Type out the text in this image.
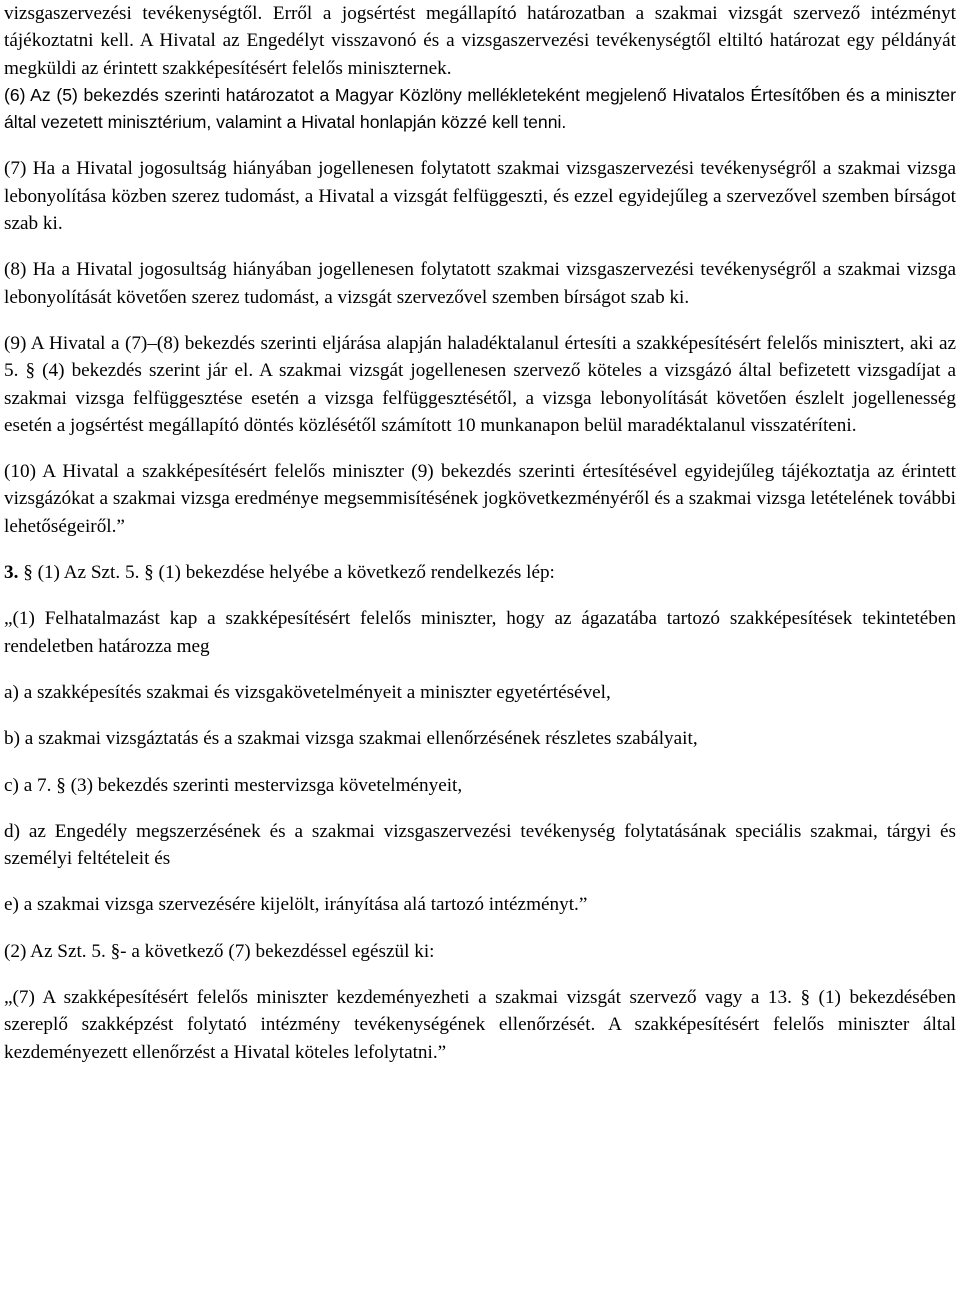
vizsgaszervezési tevékenységtől. Erről a jogsértést megállapító határozatban a szakmai vizsgát szervező intézményt tájékoztatni kell. A Hivatal az Engedélyt visszavonó és a vizsgaszervezési tevékenységtől eltiltó határozat egy példányát megküldi az érintett szakképesítésért felelős miniszternek.

(6) Az (5) bekezdés szerinti határozatot a Magyar Közlöny mellékleteként megjelenő Hivatalos Értesítőben és a miniszter által vezetett minisztérium, valamint a Hivatal honlapján közzé kell tenni.

(7) Ha a Hivatal jogosultság hiányában jogellenesen folytatott szakmai vizsgaszervezési tevékenységről a szakmai vizsga lebonyolítása közben szerez tudomást, a Hivatal a vizsgát felfüggeszti, és ezzel egyidejűleg a szervezővel szemben bírságot szab ki.

(8) Ha a Hivatal jogosultság hiányában jogellenesen folytatott szakmai vizsgaszervezési tevékenységről a szakmai vizsga lebonyolítását követően szerez tudomást, a vizsgát szervezővel szemben bírságot szab ki.

(9) A Hivatal a (7)–(8) bekezdés szerinti eljárása alapján haladéktalanul értesíti a szakképesítésért felelős minisztert, aki az 5. § (4) bekezdés szerint jár el. A szakmai vizsgát jogellenesen szervező köteles a vizsgázó által befizetett vizsgadíjat a szakmai vizsga felfüggesztése esetén a vizsga felfüggesztésétől, a vizsga lebonyolítását követően észlelt jogellenesség esetén a jogsértést megállapító döntés közlésétől számított 10 munkanapon belül maradéktalanul visszatéríteni.

(10) A Hivatal a szakképesítésért felelős miniszter (9) bekezdés szerinti értesítésével egyidejűleg tájékoztatja az érintett vizsgázókat a szakmai vizsga eredménye megsemmisítésének jogkövetkezményéről és a szakmai vizsga letételének további lehetőségeiről.”

3. § (1) Az Szt. 5. § (1) bekezdése helyébe a következő rendelkezés lép:

„(1) Felhatalmazást kap a szakképesítésért felelős miniszter, hogy az ágazatába tartozó szakképesítések tekintetében rendeletben határozza meg

a) a szakképesítés szakmai és vizsgakövetelményeit a miniszter egyetértésével,

b) a szakmai vizsgáztatás és a szakmai vizsga szakmai ellenőrzésének részletes szabályait,

c) a 7. § (3) bekezdés szerinti mestervizsga követelményeit,

d) az Engedély megszerzésének és a szakmai vizsgaszervezési tevékenység folytatásának speciális szakmai, tárgyi és személyi feltételeit és

e) a szakmai vizsga szervezésére kijelölt, irányítása alá tartozó intézményt.”

(2) Az Szt. 5. §- a következő (7) bekezdéssel egészül ki:

„(7) A szakképesítésért felelős miniszter kezdeményezheti a szakmai vizsgát szervező vagy a 13. § (1) bekezdésében szereplő szakképzést folytató intézmény tevékenységének ellenőrzését. A szakképesítésért felelős miniszter által kezdeményezett ellenőrzést a Hivatal köteles lefolytatni.”
